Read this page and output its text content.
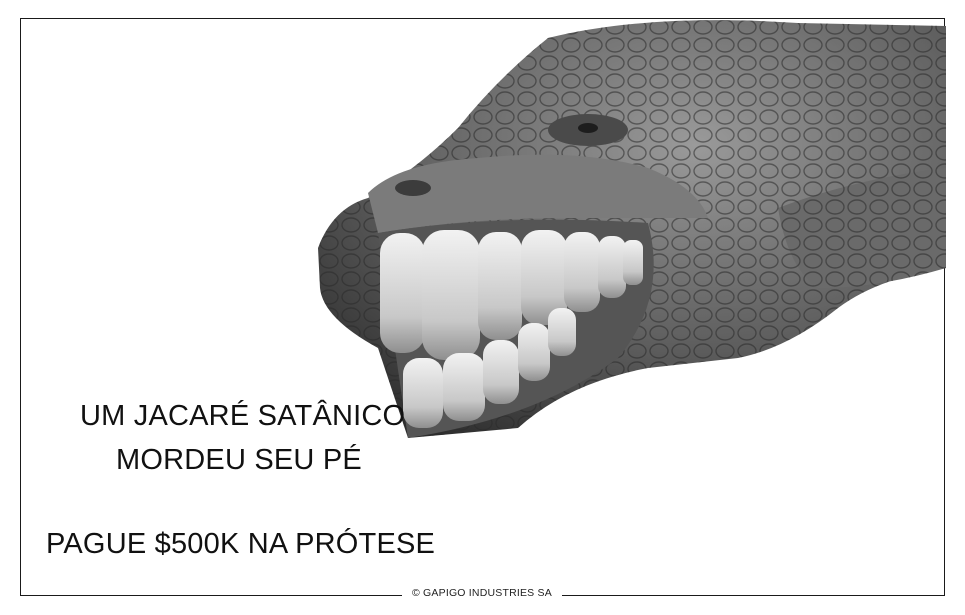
UM JACARÉ SATÂNICO
MORDEU SEU PÉ
PAGUE $500K NA PRÓTESE
© GAPIGO INDUSTRIES SA
